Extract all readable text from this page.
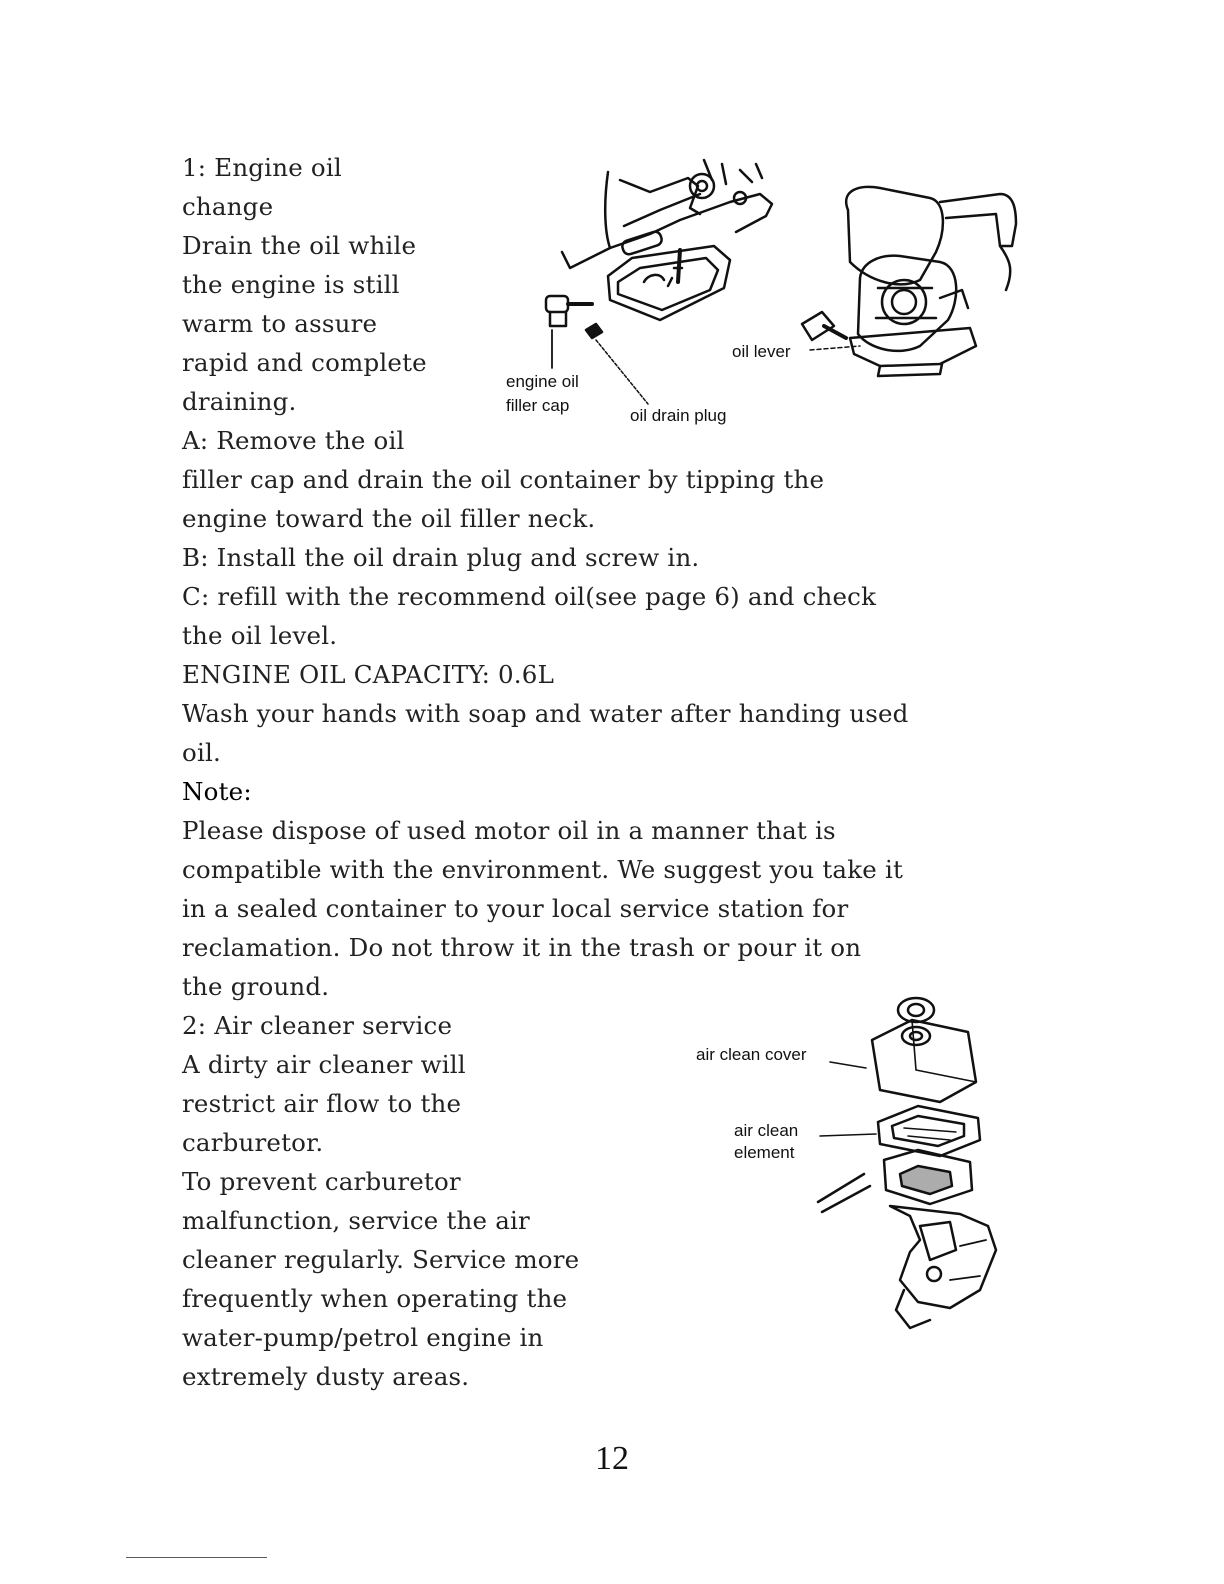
1: Engine oil
change
Drain the oil while
the engine is still
warm to assure
rapid and complete
draining.
A: Remove the oil
filler cap and drain the oil container by tipping the
engine toward the oil filler neck.
B: Install the oil drain plug and screw in.
C: refill with the recommend oil(see page 6) and check
the oil level.
ENGINE OIL CAPACITY: 0.6L
Wash your hands with soap and water after handing used
oil.
Note:
Please dispose of used motor oil in a manner that is
compatible with the environment. We suggest you take it
in a sealed container to your local service station for
reclamation. Do not throw it in the trash or pour it on
the ground.
engine oil
filler cap
oil drain plug
oil lever
2: Air cleaner service
A dirty air cleaner will
restrict air flow to the
carburetor.
To prevent carburetor
malfunction, service the air
cleaner regularly. Service more
frequently when operating the
water-pump/petrol engine in
extremely dusty areas.
air clean cover
air clean
element
12
